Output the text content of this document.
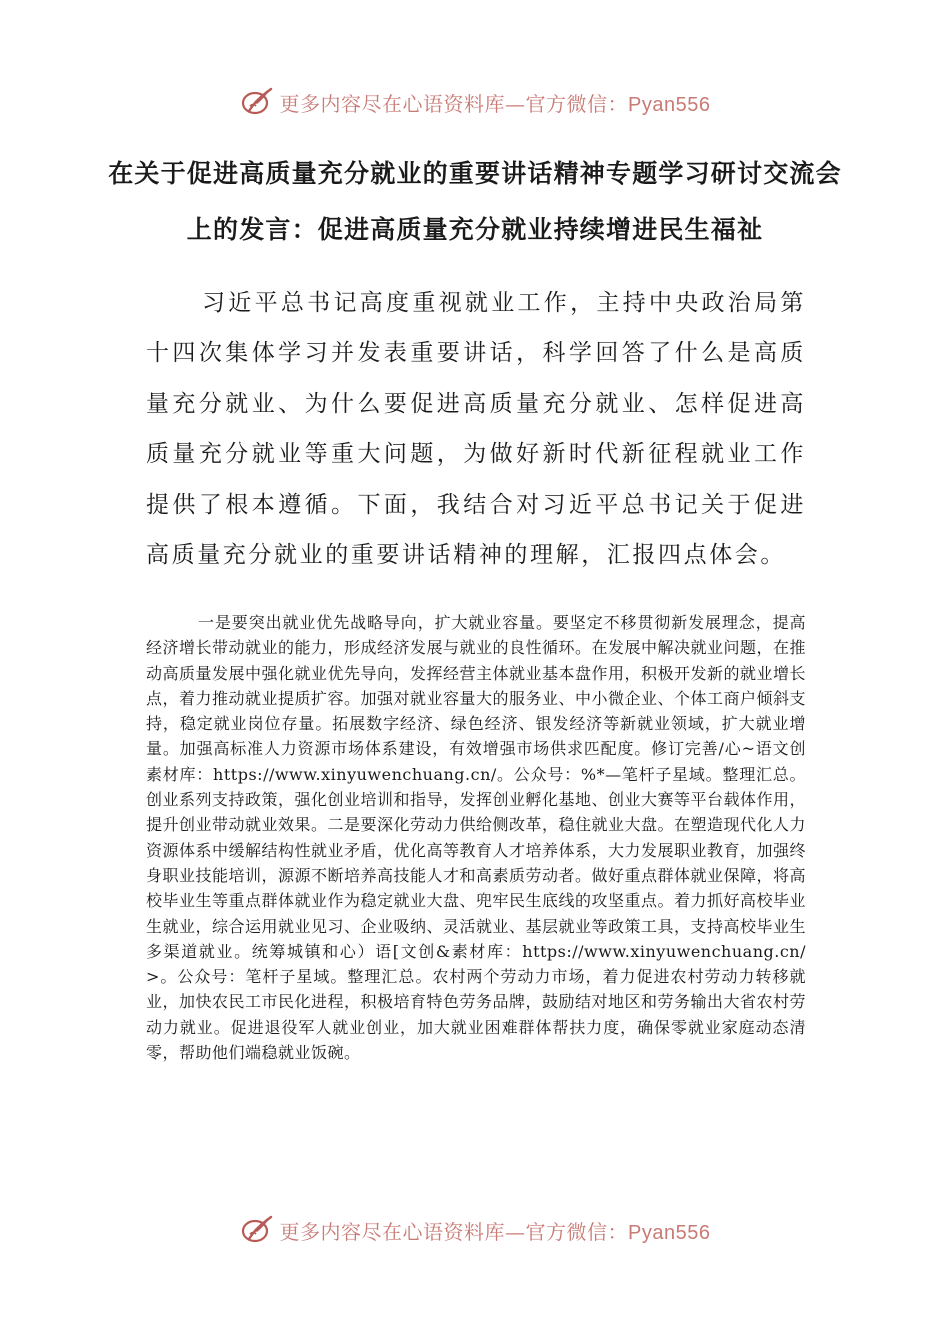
更多内容尽在心语资料库—官方微信：Pyan556
在关于促进高质量充分就业的重要讲话精神专题学习研讨交流会上的发言：促进高质量充分就业持续增进民生福祉

习近平总书记高度重视就业工作，主持中央政治局第十四次集体学习并发表重要讲话，科学回答了什么是高质量充分就业、为什么要促进高质量充分就业、怎样促进高质量充分就业等重大问题，为做好新时代新征程就业工作提供了根本遵循。下面，我结合对习近平总书记关于促进高质量充分就业的重要讲话精神的理解，汇报四点体会。

一是要突出就业优先战略导向，扩大就业容量。要坚定不移贯彻新发展理念，提高经济增长带动就业的能力，形成经济发展与就业的良性循环。在发展中解决就业问题，在推动高质量发展中强化就业优先导向，发挥经营主体就业基本盘作用，积极开发新的就业增长点，着力推动就业提质扩容。加强对就业容量大的服务业、中小微企业、个体工商户倾斜支持，稳定就业岗位存量。拓展数字经济、绿色经济、银发经济等新就业领域，扩大就业增量。加强高标准人力资源市场体系建设，有效增强市场供求匹配度。修订完善/心~语文创素材库：https://www.xinyuwenchuang.cn/。公众号：%*—笔杆子星域。整理汇总。创业系列支持政策，强化创业培训和指导，发挥创业孵化基地、创业大赛等平台载体作用，提升创业带动就业效果。二是要深化劳动力供给侧改革，稳住就业大盘。在塑造现代化人力资源体系中缓解结构性就业矛盾，优化高等教育人才培养体系，大力发展职业教育，加强终身职业技能培训，源源不断培养高技能人才和高素质劳动者。做好重点群体就业保障，将高校毕业生等重点群体就业作为稳定就业大盘、兜牢民生底线的攻坚重点。着力抓好高校毕业生就业，综合运用就业见习、企业吸纳、灵活就业、基层就业等政策工具，支持高校毕业生多渠道就业。统筹城镇和心）语[文创&素材库：https://www.xinyuwenchuang.cn/>。公众号：笔杆子星域。整理汇总。农村两个劳动力市场，着力促进农村劳动力转移就业，加快农民工市民化进程，积极培育特色劳务品牌，鼓励结对地区和劳务输出大省农村劳动力就业。促进退役军人就业创业，加大就业困难群体帮扶力度，确保零就业家庭动态清零，帮助他们端稳就业饭碗。

更多内容尽在心语资料库—官方微信：Pyan556
